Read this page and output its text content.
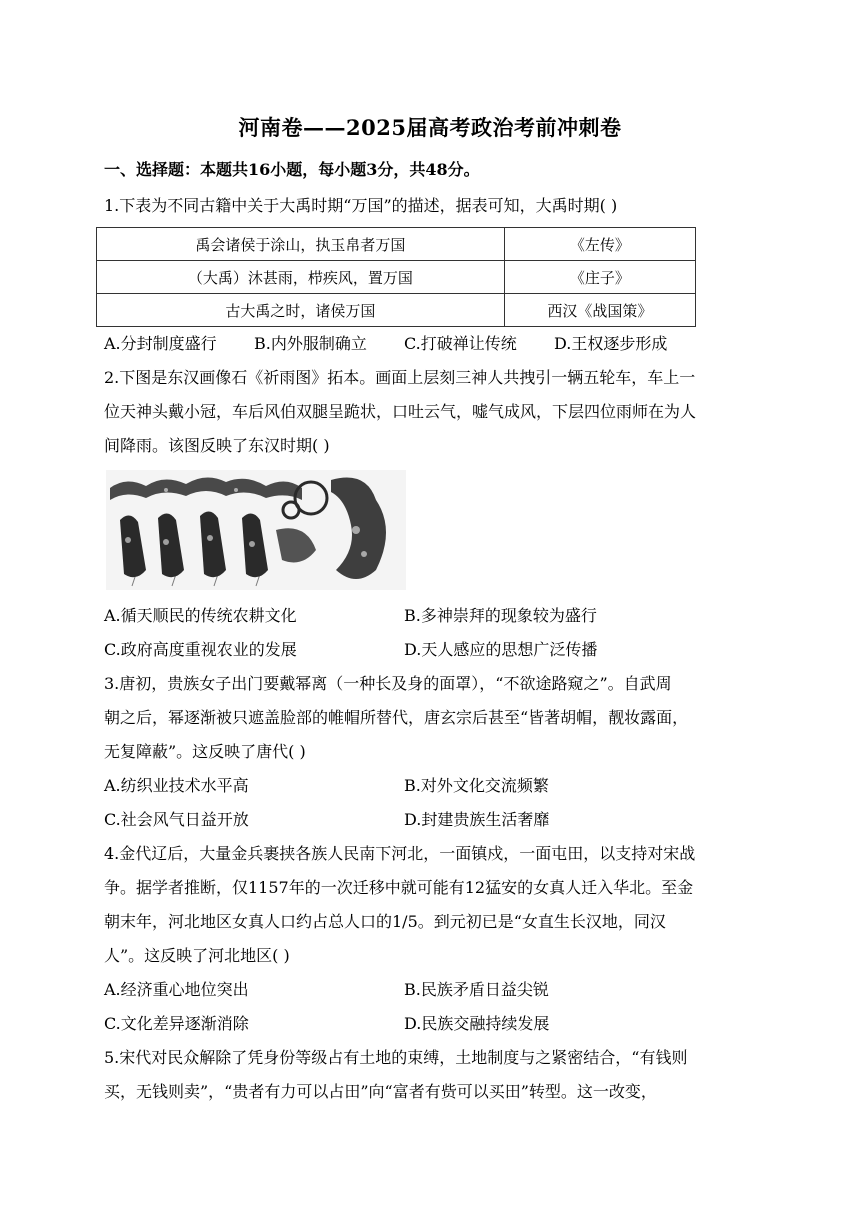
河南卷——2025届高考政治考前冲刺卷
一、选择题：本题共16小题，每小题3分，共48分。
1.下表为不同古籍中关于大禹时期“万国”的描述，据表可知，大禹时期( )
禹会诸侯于涂山，执玉帛者万国	《左传》
（大禹）沐甚雨，栉疾风，置万国	《庄子》
古大禹之时，诸侯万国	西汉《战国策》
A.分封制度盛行 B.内外服制确立 C.打破禅让传统 D.王权逐步形成
2.下图是东汉画像石《祈雨图》拓本。画面上层刻三神人共拽引一辆五轮车，车上一
位天神头戴小冠，车后风伯双腿呈跪状，口吐云气，嘘气成风，下层四位雨师在为人
间降雨。该图反映了东汉时期( )
A.循天顺民的传统农耕文化	B.多神崇拜的现象较为盛行
C.政府高度重视农业的发展	D.天人感应的思想广泛传播
3.唐初，贵族女子出门要戴幂离（一种长及身的面罩），“不欲途路窥之”。自武周
朝之后，幂逐渐被只遮盖脸部的帷帽所替代，唐玄宗后甚至“皆著胡帽，靓妆露面，
无复障蔽”。这反映了唐代( )
A.纺织业技术水平高	B.对外文化交流频繁
C.社会风气日益开放	D.封建贵族生活奢靡
4.金代辽后，大量金兵裹挟各族人民南下河北，一面镇戍，一面屯田，以支持对宋战
争。据学者推断，仅1157年的一次迁移中就可能有12猛安的女真人迁入华北。至金
朝末年，河北地区女真人口约占总人口的1/5。到元初已是“女直生长汉地，同汉
人”。这反映了河北地区( )
A.经济重心地位突出	B.民族矛盾日益尖锐
C.文化差异逐渐消除	D.民族交融持续发展
5.宋代对民众解除了凭身份等级占有土地的束缚，土地制度与之紧密结合，“有钱则
买，无钱则卖”，“贵者有力可以占田”向“富者有赀可以买田”转型。这一改变，
